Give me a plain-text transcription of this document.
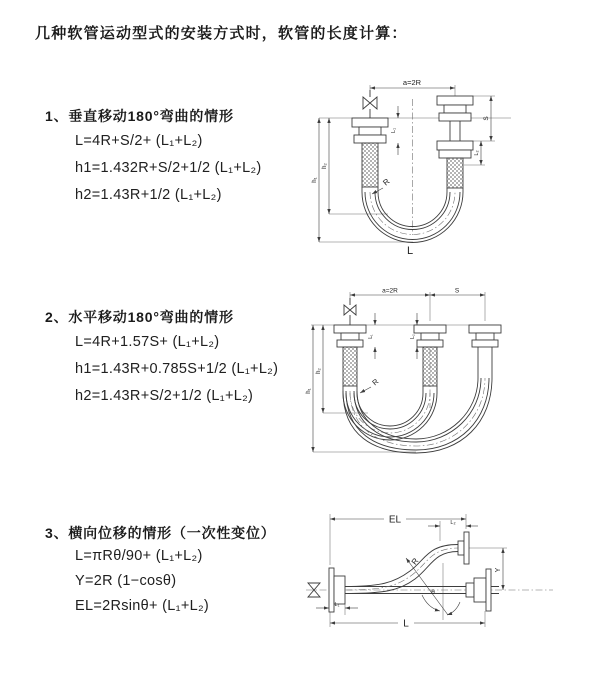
几种软管运动型式的安装方式时，软管的长度计算：
1、垂直移动180°弯曲的情形
L=4R+S/2+ (L₁+L₂)
h1=1.432R+S/2+1/2 (L₁+L₂)
h2=1.43R+1/2 (L₁+L₂)
2、水平移动180°弯曲的情形
L=4R+1.57S+ (L₁+L₂)
h1=1.43R+0.785S+1/2 (L₁+L₂)
h2=1.43R+S/2+1/2 (L₁+L₂)
3、横向位移的情形（一次性变位）
L=πRθ/90+ (L₁+L₂)
Y=2R (1−cosθ)
EL=2Rsinθ+ (L₁+L₂)
a=2R
S
L₂
L₁
h₁
h₂
R
L
a=2R	S
L₁	L₂
h₁
h₂
R
EL	L₂
Y
R
θ
L
L₁
